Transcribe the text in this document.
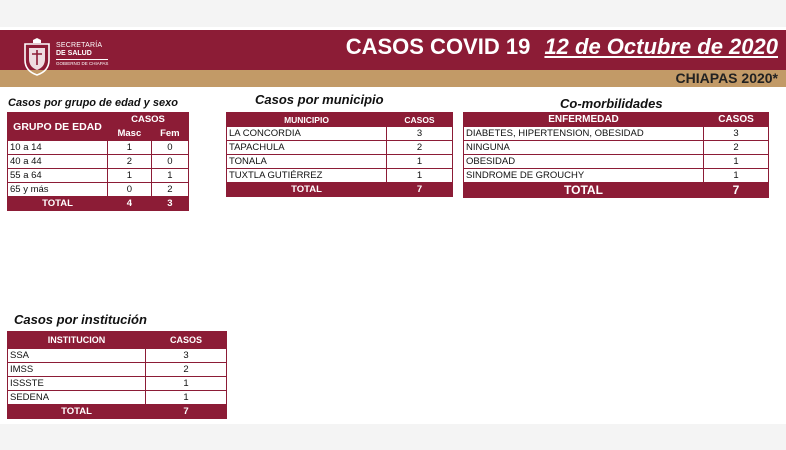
SECRETARÍA
DE SALUD
GOBIERNO DE CHIAPAS
CASOS COVID 19 12 de Octubre de 2020
CHIAPAS 2020*
Casos por grupo de edad y sexo
GRUPO DE EDAD	CASOS	
	Masc	Fem
10 a 14	1	0
40 a 44	2	0
55 a 64	1	1
65 y más	0	2
TOTAL	4	3
Casos por municipio
MUNICIPIO	CASOS
LA CONCORDIA	3
TAPACHULA	2
TONALA	1
TUXTLA GUTIÉRREZ	1
TOTAL	7
Co-morbilidades
ENFERMEDAD	CASOS
DIABETES, HIPERTENSION, OBESIDAD	3
NINGUNA	2
OBESIDAD	1
SINDROME DE GROUCHY	1
TOTAL	7
Casos por institución
INSTITUCION	CASOS
SSA	3
IMSS	2
ISSSTE	1
SEDENA	1
TOTAL	7
